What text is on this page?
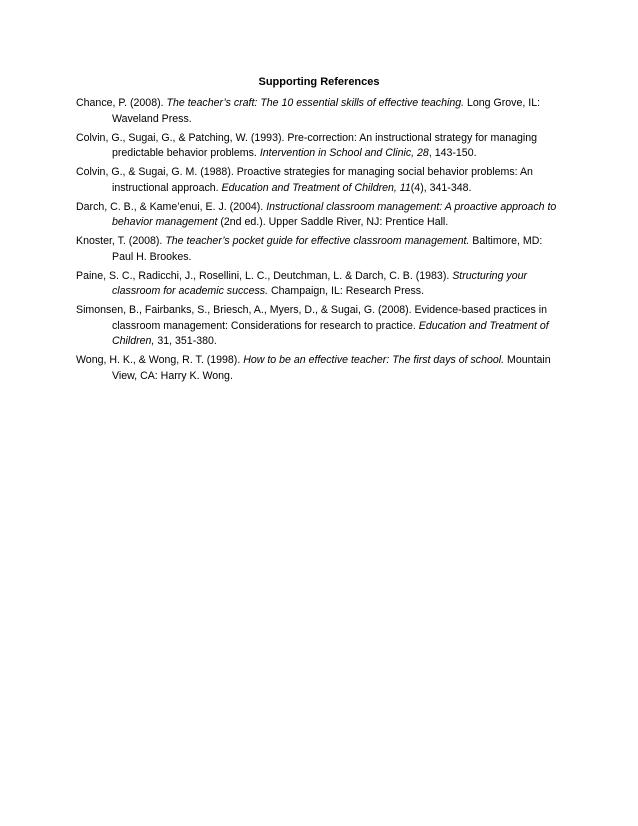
Supporting References
Chance, P. (2008). The teacher’s craft: The 10 essential skills of effective teaching. Long Grove, IL: Waveland Press.
Colvin, G., Sugai, G., & Patching, W. (1993). Pre-correction: An instructional strategy for managing predictable behavior problems. Intervention in School and Clinic, 28, 143-150.
Colvin, G., & Sugai, G. M. (1988). Proactive strategies for managing social behavior problems: An instructional approach. Education and Treatment of Children, 11(4), 341-348.
Darch, C. B., & Kame’enui, E. J. (2004). Instructional classroom management: A proactive approach to behavior management (2nd ed.). Upper Saddle River, NJ: Prentice Hall.
Knoster, T. (2008). The teacher’s pocket guide for effective classroom management. Baltimore, MD: Paul H. Brookes.
Paine, S. C., Radicchi, J., Rosellini, L. C., Deutchman, L. & Darch, C. B. (1983). Structuring your classroom for academic success. Champaign, IL: Research Press.
Simonsen, B., Fairbanks, S., Briesch, A., Myers, D., & Sugai, G. (2008). Evidence-based practices in classroom management: Considerations for research to practice. Education and Treatment of Children, 31, 351-380.
Wong, H. K., & Wong, R. T. (1998). How to be an effective teacher: The first days of school. Mountain View, CA: Harry K. Wong.
